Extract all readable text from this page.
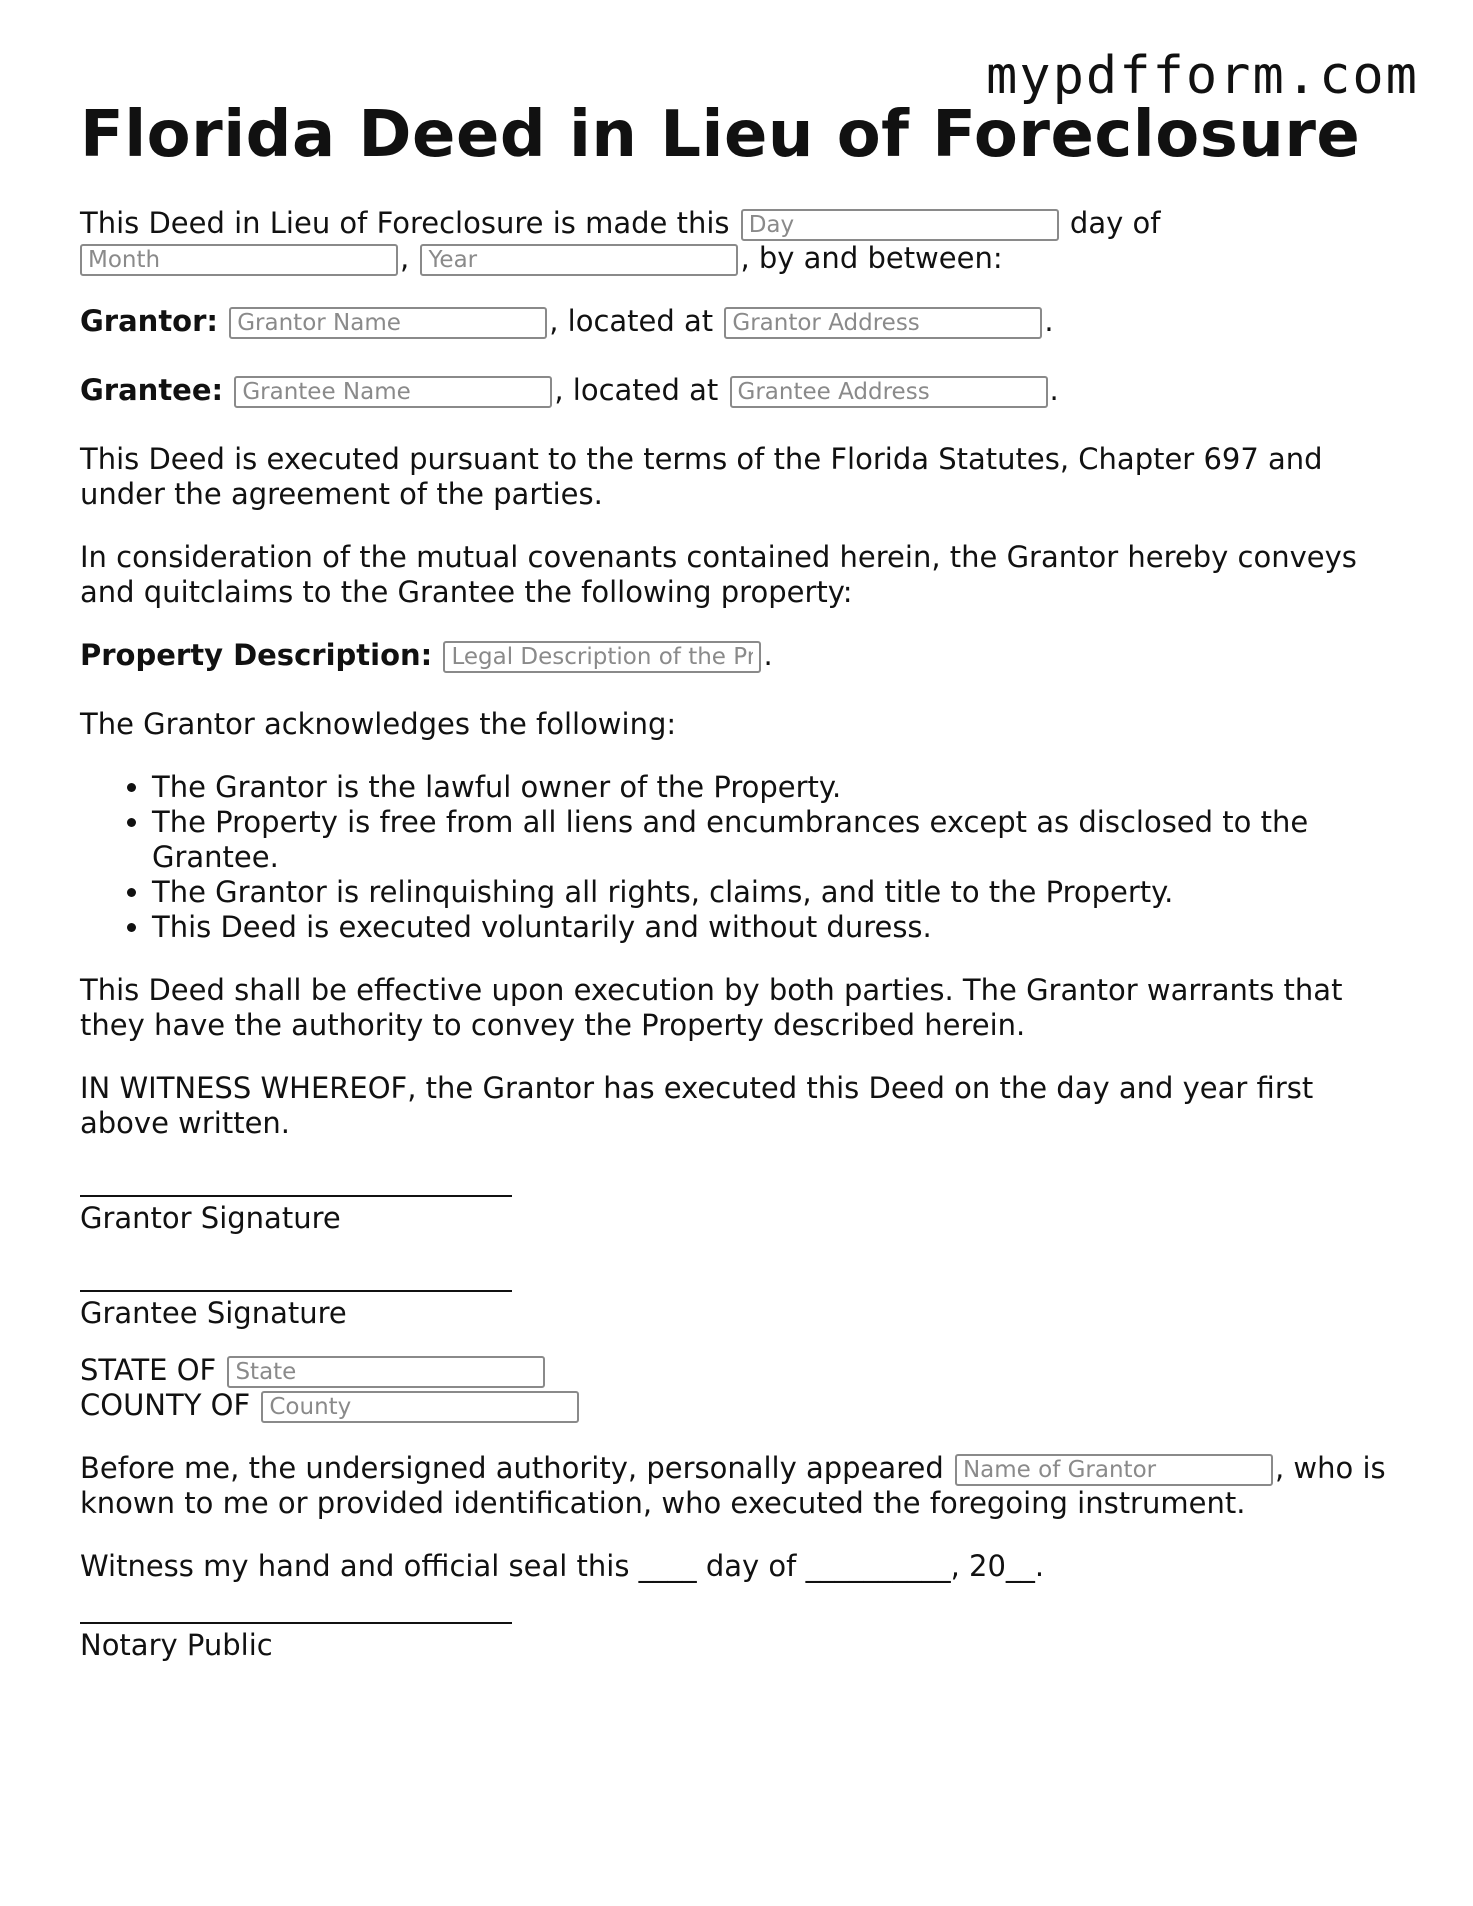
mypdfform.com
Florida Deed in Lieu of Foreclosure

This Deed in Lieu of Foreclosure is made this Day	day of
Month, Year	, by and between:

Grantor: Grantor Name	, located at Grantor Address	.

Grantee: Grantee Name	, located at Grantee Address	.

This Deed is executed pursuant to the terms of the Florida Statutes, Chapter 697 and under the agreement of the parties.

In consideration of the mutual covenants contained herein, the Grantor hereby conveys and quitclaims to the Grantee the following property:

Property Description: Legal Description of the Property	.

The Grantor acknowledges the following:

• The Grantor is the lawful owner of the Property.
• The Property is free from all liens and encumbrances except as disclosed to the Grantee.
• The Grantor is relinquishing all rights, claims, and title to the Property.
• This Deed is executed voluntarily and without duress.

This Deed shall be effective upon execution by both parties. The Grantor warrants that they have the authority to convey the Property described herein.

IN WITNESS WHEREOF, the Grantor has executed this Deed on the day and year first above written.

Grantor Signature
Grantee Signature
STATE OF State
COUNTY OF County

Before me, the undersigned authority, personally appeared Name of Grantor	, who is known to me or provided identification, who executed the foregoing instrument.

Witness my hand and official seal this ____ day of __________, 20__.

Notary Public
